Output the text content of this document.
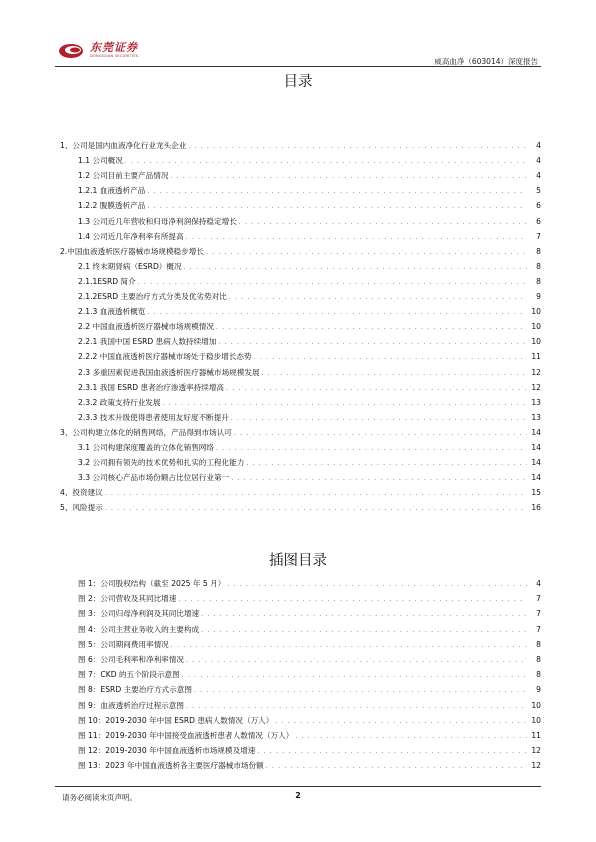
东莞证券
DONGGUAN SECURITIES
威高血净（603014）深度报告
目录
1、公司是国内血液净化行业龙头企业 . . .	4
1.1 公司概况 . . .	4
1.2 公司目前主要产品情况 . . .	4
1.2.1 血液透析产品 . . .	5
1.2.2 腹膜透析产品 . . .	6
1.3 公司近几年营收和归母净利润保持稳定增长 . . .	6
1.4 公司近几年净利率有所提高 . . .	7
2.中国血液透析医疗器械市场规模稳步增长 . . .	8
2.1 终末期肾病（ESRD）概况 . . .	8
2.1.1ESRD 简介 . . .	8
2.1.2ESRD 主要治疗方式分类及优劣势对比 . . .	9
2.1.3 血液透析概览 . . .	10
2.2 中国血液透析医疗器械市场规模情况 . . .	10
2.2.1 我国中国 ESRD 患病人数持续增加 . . .	10
2.2.2 中国血液透析医疗器械市场处于稳步增长态势 . . .	11
2.3 多重因素促进我国血液透析医疗器械市场规模发展 . . .	12
2.3.1 我国 ESRD 患者治疗渗透率持续增高 . . .	12
2.3.2 政策支持行业发展 . . .	13
2.3.3 技术升级使得患者使用友好度不断提升 . . .	13
3、公司构建立体化的销售网络，产品得到市场认可 . . .	14
3.1 公司构建深度覆盖的立体化销售网络 . . .	14
3.2 公司拥有领先的技术优势和扎实的工程化能力 . . .	14
3.3 公司核心产品市场份额占比位居行业第一 . . .	14
4、投资建议 . . .	15
5、风险提示 . . .	16
插图目录
图 1：公司股权结构（截至 2025 年 5 月） . . .	4
图 2：公司营收及其同比增速 . . .	7
图 3：公司归母净利润及其同比增速 . . .	7
图 4：公司主营业务收入的主要构成 . . .	7
图 5：公司期间费用率情况 . . .	8
图 6：公司毛利率和净利率情况 . . .	8
图 7：CKD 的五个阶段示意图 . . .	8
图 8：ESRD 主要治疗方式示意图 . . .	9
图 9：血液透析治疗过程示意图 . . .	10
图 10：2019-2030 年中国 ESRD 患病人数情况（万人） . . .	10
图 11：2019-2030 年中国接受血液透析患者人数情况（万人） . . .	11
图 12：2019-2030 年中国血液透析市场规模及增速 . . .	12
图 13：2023 年中国血液透析各主要医疗器械市场份额 . . .	12
请务必阅读末页声明。	2
